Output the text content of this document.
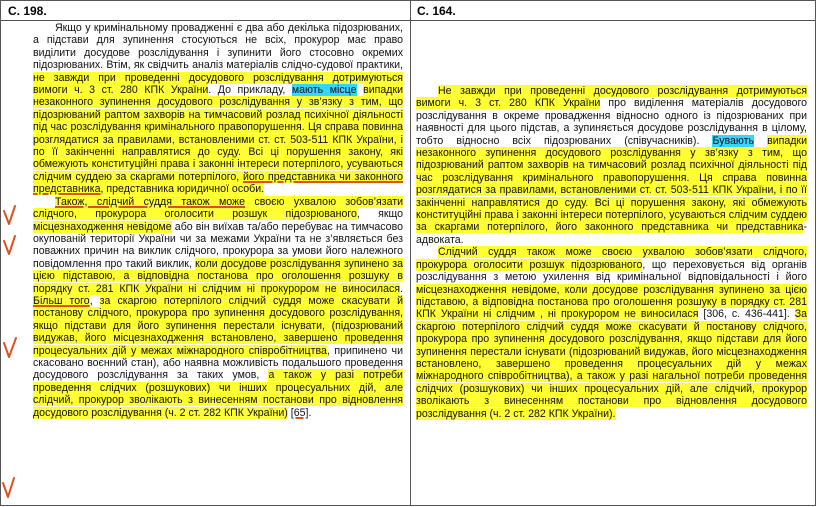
С. 198.	С. 164.

Якщо у кримінальному провадженні є два або декілька підозрюваних, а підстави для зупинення стосуються не всіх, прокурор має право виділити досудове розслідування і зупинити його стосовно окремих підозрюваних. Втім, як свідчить аналіз матеріалів слідчо-судової практики, не завжди при проведенні досудового розслідування дотримуються вимоги ч. 3 ст. 280 КПК України. До прикладу, мають місце випадки незаконного зупинення досудового розслідування у зв’язку з тим, що підозрюваний раптом захворів на тимчасовий розлад психічної діяльності під час розслідування кримінального правопорушення. Ця справа повинна розглядатися за правилами, встановленими ст. ст. 503-511 КПК України, і по її закінченні направлятися до суду. Всі ці порушення закону, які обмежують конституційні права і законні інтереси потерпілого, усуваються слідчим суддею за скаргами потерпілого, його представника чи законного представника, представника юридичної особи.

Також, слідчий суддя також може своєю ухвалою зобов’язати слідчого, прокурора оголосити розшук підозрюваного, якщо місцезнаходження невідоме або він виїхав та/або перебуває на тимчасово окупованій території України чи за межами України та не з’являється без поважних причин на виклик слідчого, прокурора за умови його належного повідомлення про такий виклик, коли досудове розслідування зупинено за цією підставою, а відповідна постанова про оголошення розшуку в порядку ст. 281 КПК України ні слідчим ні прокурором не виносилася. Більш того, за скаргою потерпілого слідчий суддя може скасувати й постанову слідчого, прокурора про зупинення досудового розслідування, якщо підстави для його зупинення перестали існувати, (підозрюваний видужав, його місцезнаходження встановлено, завершено проведення процесуальних дій у межах міжнародного співробітництва, припинено чи скасовано воєнний стан), або наявна можливість подальшого проведення досудового розслідування за таких умов, а також у разі потреби проведення слідчих (розшукових) чи інших процесуальних дій, але слідчий, прокурор зволікають з винесенням постанови про відновлення досудового розслідування (ч. 2 ст. 282 КПК України) [65].

Не завжди при проведенні досудового розслідування дотримуються вимоги ч. 3 ст. 280 КПК України про виділення матеріалів досудового розслідування в окреме провадження відносно одного із підозрюваних при наявності для цього підстав, а зупиняється досудове розслідування в цілому, тобто відносно всіх підозрюваних (співучасників). Бувають випадки незаконного зупинення досудового розслідування у зв’язку з тим, що підозрюваний раптом захворів на тимчасовий розлад психічної діяльності під час розслідування кримінального правопорушення. Ця справа повинна розглядатися за правилами, встановленими ст. ст. 503-511 КПК України, і по її закінченні направлятися до суду. Всі ці порушення закону, які обмежують конституційні права і законні інтереси потерпілого, усуваються слідчим суддею за скаргами потерпілого, його законного представника чи представника-адвоката.

Слідчий суддя також може своєю ухвалою зобов’язати слідчого, прокурора оголосити розшук підозрюваного, що переховується від органів розслідування з метою ухилення від кримінальної відповідальності і його місцезнаходження невідоме, коли досудове розслідування зупинено за цією підставою, а відповідна постанова про оголошення розшуку в порядку ст. 281 КПК України ні слідчим , ні прокурором не виносилася [306, с. 436-441]. За скаргою потерпілого слідчий суддя може скасувати й постанову слідчого, прокурора про зупинення досудового розслідування, якщо підстави для його зупинення перестали існувати (підозрюваний видужав, його місцезнаходження встановлено, завершено проведення процесуальних дій у межах міжнародного співробітництва), а також у разі нагальної потреби проведення слідчих (розшукових) чи інших процесуальних дій, але слідчий, прокурор зволікають з винесенням постанови про відновлення досудового розслідування (ч. 2 ст. 282 КПК України).
